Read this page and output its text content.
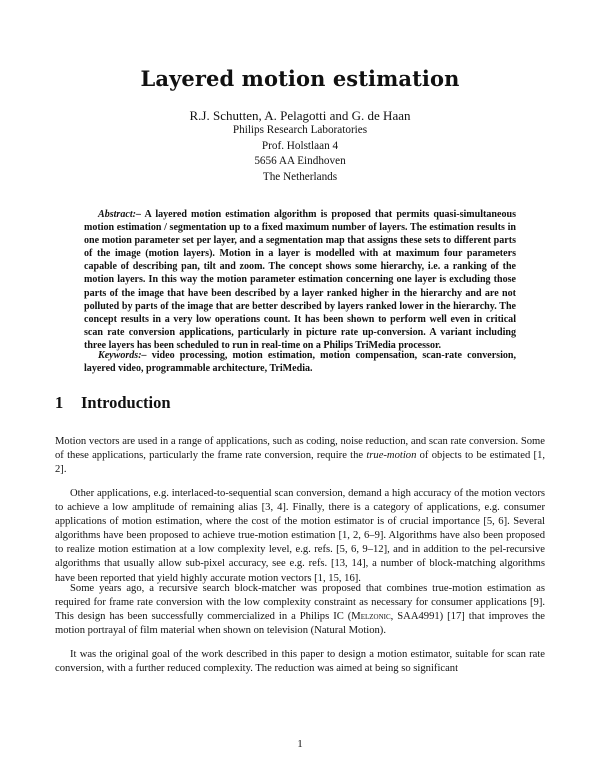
Layered motion estimation
R.J. Schutten, A. Pelagotti and G. de Haan
Philips Research Laboratories
Prof. Holstlaan 4
5656 AA Eindhoven
The Netherlands
Abstract:– A layered motion estimation algorithm is proposed that permits quasi-simultaneous motion estimation / segmentation up to a fixed maximum number of layers. The estimation results in one motion parameter set per layer, and a segmentation map that assigns these sets to different parts of the image (motion layers). Motion in a layer is modelled with at maximum four parameters capable of describing pan, tilt and zoom. The concept shows some hierarchy, i.e. a ranking of the motion layers. In this way the motion parameter estimation concerning one layer is excluding those parts of the image that have been described by a layer ranked higher in the hierarchy and are not polluted by parts of the image that are better described by layers ranked lower in the hierarchy. The concept results in a very low operations count. It has been shown to perform well even in critical scan rate conversion applications, particularly in picture rate up-conversion. A variant including three layers has been scheduled to run in real-time on a Philips TriMedia processor.
Keywords:– video processing, motion estimation, motion compensation, scan-rate conversion, layered video, programmable architecture, TriMedia.
1 Introduction
Motion vectors are used in a range of applications, such as coding, noise reduction, and scan rate conversion. Some of these applications, particularly the frame rate conversion, require the true-motion of objects to be estimated [1, 2].
Other applications, e.g. interlaced-to-sequential scan conversion, demand a high accuracy of the motion vectors to achieve a low amplitude of remaining alias [3, 4]. Finally, there is a category of applications, e.g. consumer applications of motion estimation, where the cost of the motion estimator is of crucial importance [5, 6]. Several algorithms have been proposed to achieve true-motion estimation [1, 2, 6–9]. Algorithms have also been proposed to realize motion estimation at a low complexity level, e.g. refs. [5, 6, 9–12], and in addition to the pel-recursive algorithms that usually allow sub-pixel accuracy, see e.g. refs. [13, 14], a number of block-matching algorithms have been reported that yield highly accurate motion vectors [1, 15, 16].
Some years ago, a recursive search block-matcher was proposed that combines true-motion estimation as required for frame rate conversion with the low complexity constraint as necessary for consumer applications [9]. This design has been successfully commercialized in a Philips IC (Melzonic, SAA4991) [17] that improves the motion portrayal of film material when shown on television (Natural Motion).
It was the original goal of the work described in this paper to design a motion estimator, suitable for scan rate conversion, with a further reduced complexity. The reduction was aimed at being so significant
1
